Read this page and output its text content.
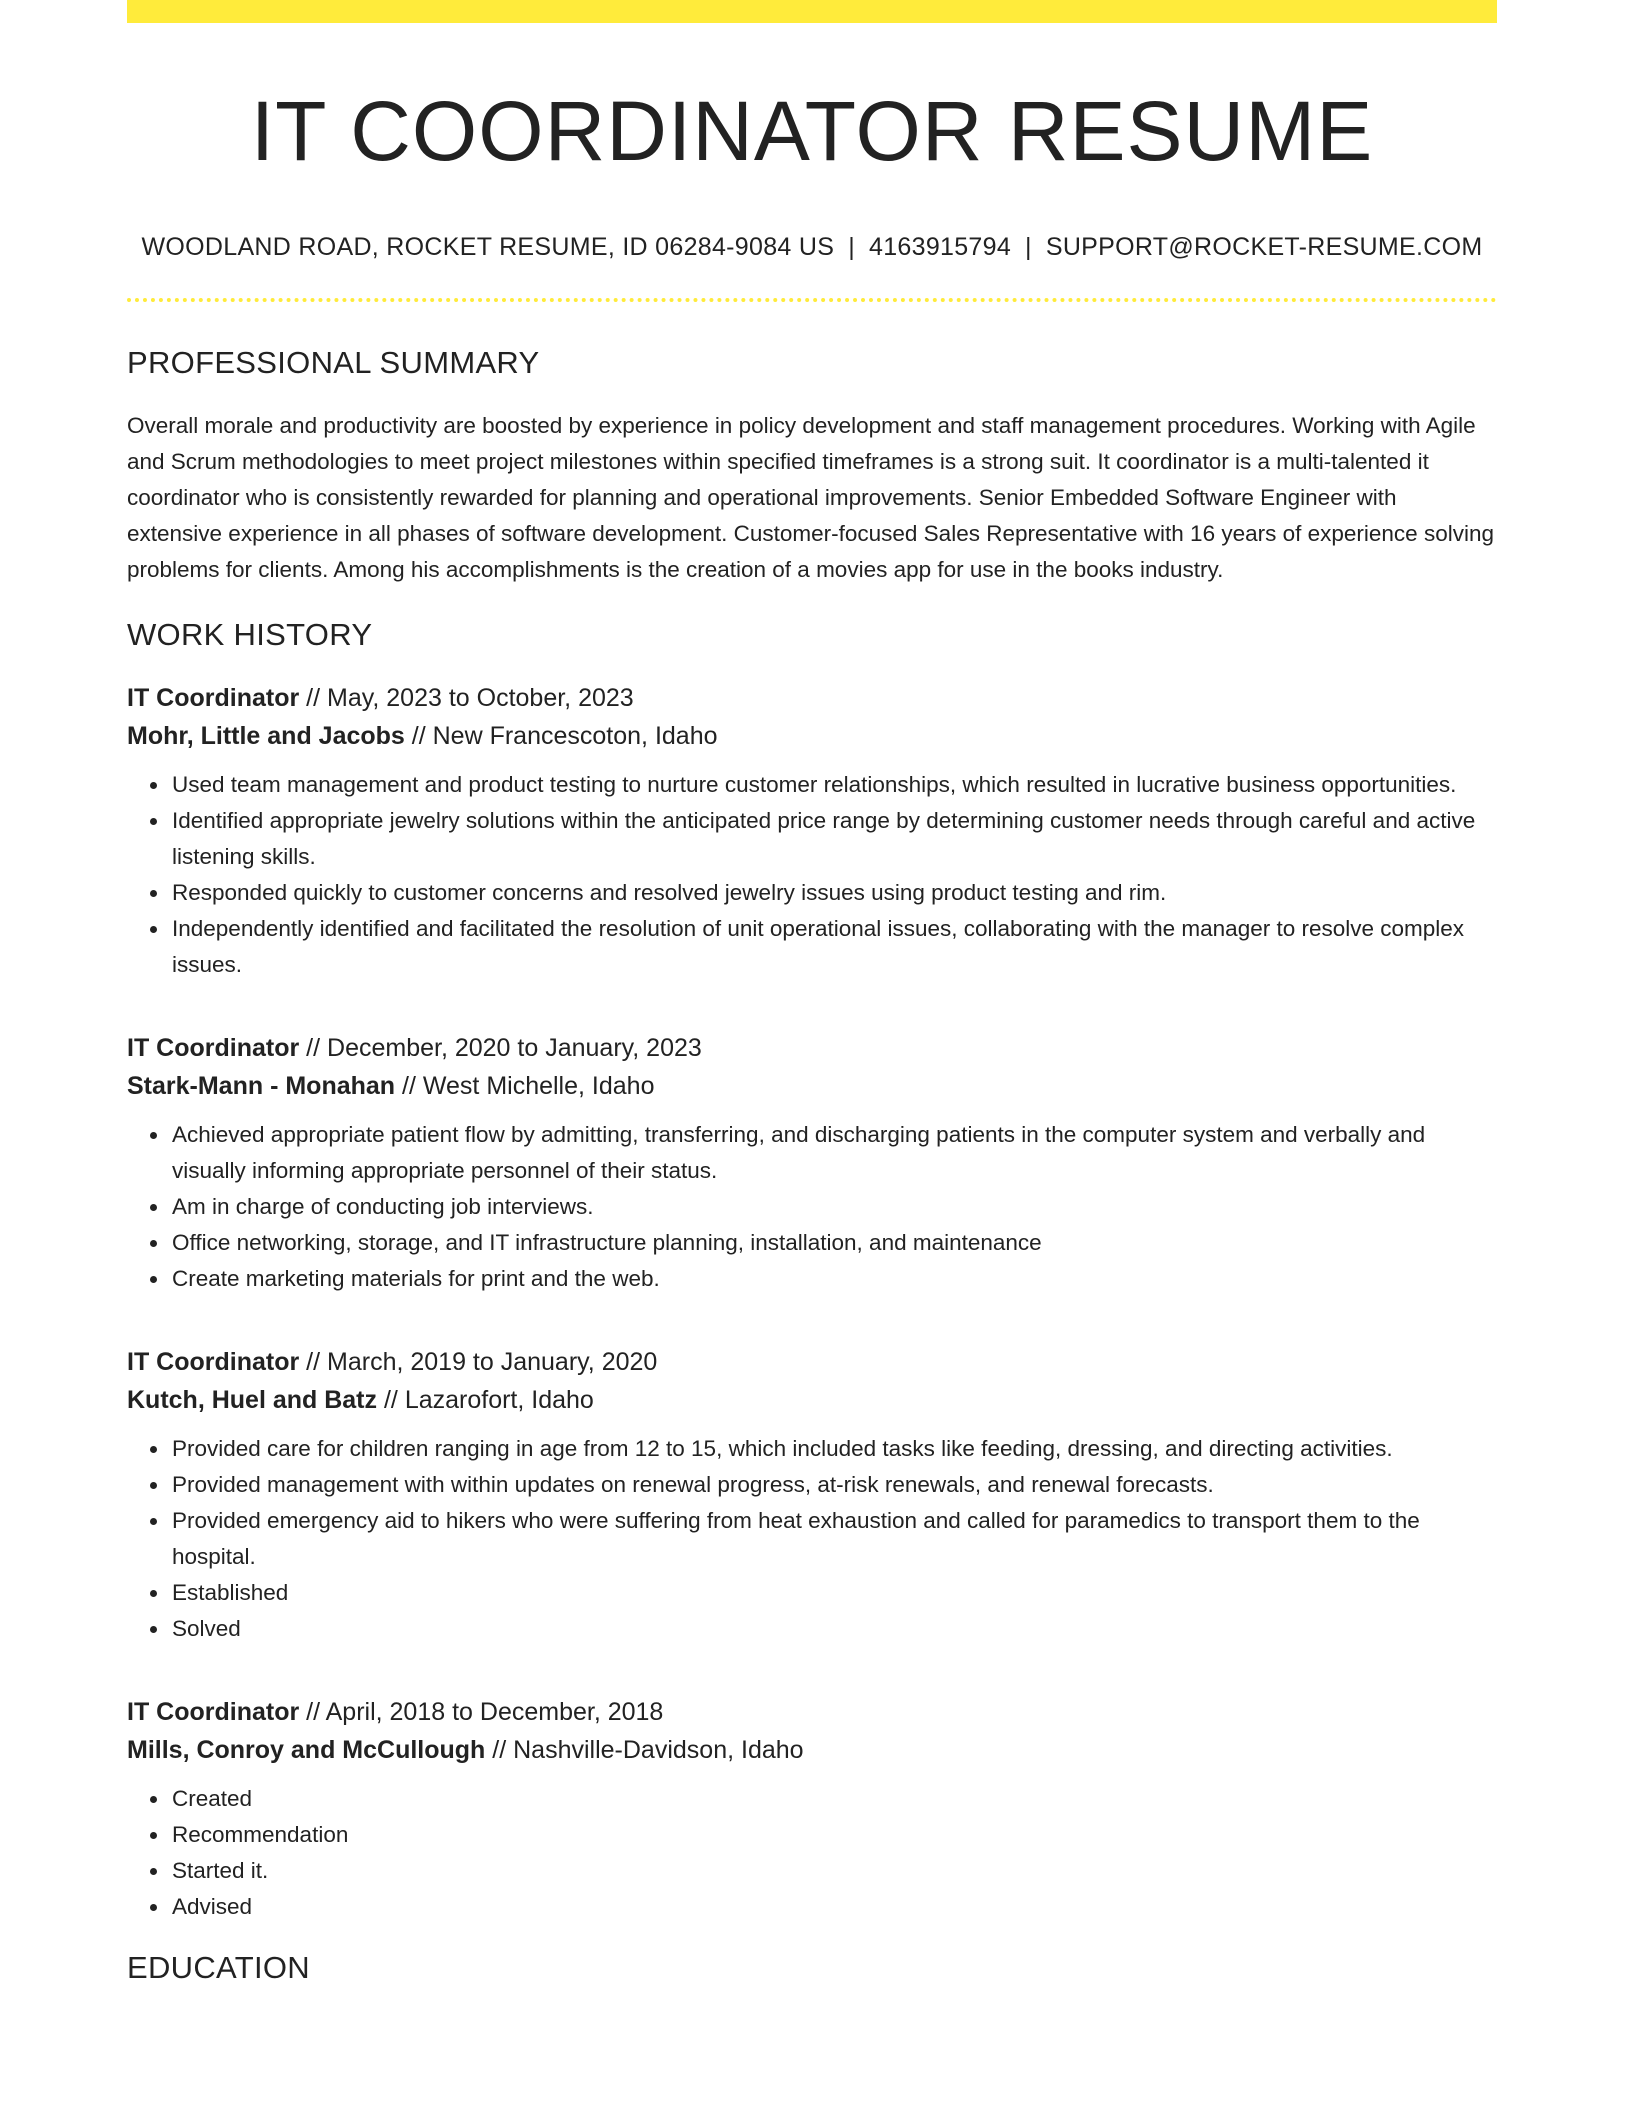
IT COORDINATOR RESUME
WOODLAND ROAD, ROCKET RESUME, ID 06284-9084 US | 4163915794 | SUPPORT@ROCKET-RESUME.COM
PROFESSIONAL SUMMARY

Overall morale and productivity are boosted by experience in policy development and staff management procedures. Working with Agile and Scrum methodologies to meet project milestones within specified timeframes is a strong suit. It coordinator is a multi-talented it coordinator who is consistently rewarded for planning and operational improvements. Senior Embedded Software Engineer with extensive experience in all phases of software development. Customer-focused Sales Representative with 16 years of experience solving problems for clients. Among his accomplishments is the creation of a movies app for use in the books industry.

WORK HISTORY
IT Coordinator // May, 2023 to October, 2023
Mohr, Little and Jacobs // New Francescoton, Idaho
• Used team management and product testing to nurture customer relationships, which resulted in lucrative business opportunities.
• Identified appropriate jewelry solutions within the anticipated price range by determining customer needs through careful and active listening skills.
• Responded quickly to customer concerns and resolved jewelry issues using product testing and rim.
• Independently identified and facilitated the resolution of unit operational issues, collaborating with the manager to resolve complex issues.
IT Coordinator // December, 2020 to January, 2023
Stark-Mann - Monahan // West Michelle, Idaho
• Achieved appropriate patient flow by admitting, transferring, and discharging patients in the computer system and verbally and visually informing appropriate personnel of their status.
• Am in charge of conducting job interviews.
• Office networking, storage, and IT infrastructure planning, installation, and maintenance
• Create marketing materials for print and the web.
IT Coordinator // March, 2019 to January, 2020
Kutch, Huel and Batz // Lazarofort, Idaho
• Provided care for children ranging in age from 12 to 15, which included tasks like feeding, dressing, and directing activities.
• Provided management with within updates on renewal progress, at-risk renewals, and renewal forecasts.
• Provided emergency aid to hikers who were suffering from heat exhaustion and called for paramedics to transport them to the hospital.
• Established
• Solved
IT Coordinator // April, 2018 to December, 2018
Mills, Conroy and McCullough // Nashville-Davidson, Idaho
• Created
• Recommendation
• Started it.
• Advised
EDUCATION
